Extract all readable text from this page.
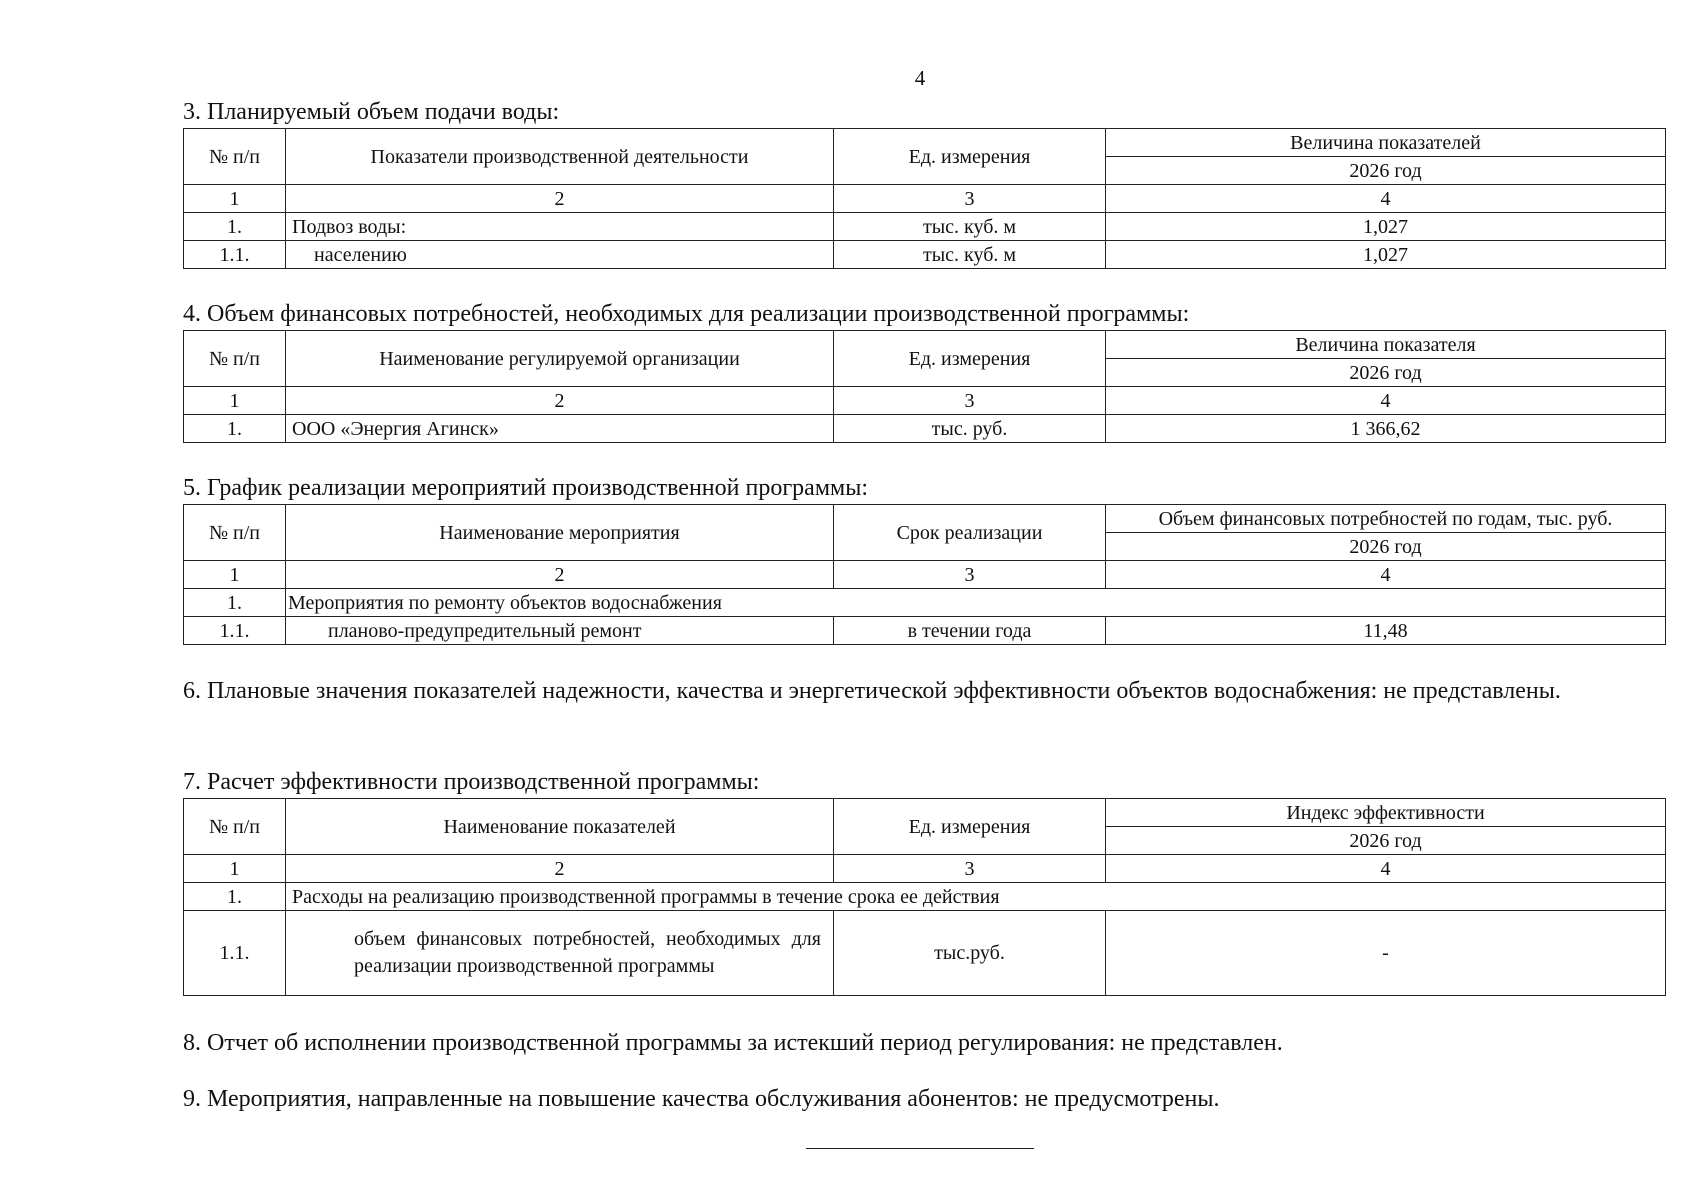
4
3. Планируемый объем подачи воды:
№ п/п	Показатели производственной деятельности	Ед. измерения	Величина показателей
			2026 год
1	2	3	4
1.	Подвоз воды:	тыс. куб. м	1,027
1.1.	населению	тыс. куб. м	1,027
4. Объем финансовых потребностей, необходимых для реализации производственной программы:
№ п/п	Наименование регулируемой организации	Ед. измерения	Величина показателя
			2026 год
1	2	3	4
1.	ООО «Энергия Агинск»	тыс. руб.	1 366,62
5. График реализации мероприятий производственной программы:
№ п/п	Наименование мероприятия	Срок реализации	Объем финансовых потребностей по годам, тыс. руб.
			2026 год
1	2	3	4
1.	Мероприятия по ремонту объектов водоснабжения		
1.1.	планово-предупредительный ремонт	в течении года	11,48
6. Плановые значения показателей надежности, качества и энергетической эффективности объектов водоснабжения: не представлены.
7. Расчет эффективности производственной программы:
№ п/п	Наименование показателей	Ед. измерения	Индекс эффективности
			2026 год
1	2	3	4
1.	Расходы на реализацию производственной программы в течение срока ее действия		
1.1.	объем финансовых потребностей, необходимых для реализации производственной программы	тыс.руб.	-
8. Отчет об исполнении производственной программы за истекший период регулирования: не представлен.
9. Мероприятия, направленные на повышение качества обслуживания абонентов: не предусмотрены.
